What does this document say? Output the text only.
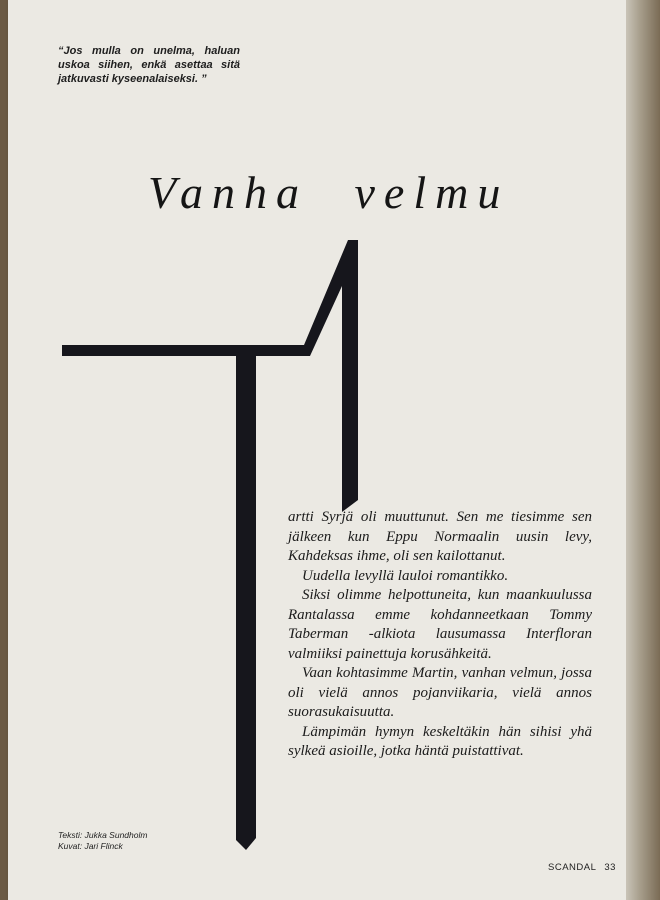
“Jos mulla on unelma, haluan uskoa siihen, enkä asettaa sitä jatkuvasti kyseenalaiseksi. ”
Vanha velmu

artti Syrjä oli muuttunut. Sen me tiesimme sen jälkeen kun Eppu Normaalin uusin levy, Kahdeksas ihme, oli sen kailottanut.

Uudella levyllä lauloi romantikko.

Siksi olimme helpottuneita, kun maankuulussa Rantalassa emme kohdanneetkaan Tommy Taberman -alkiota lausumassa Interfloran valmiiksi painettuja korusähkeitä.

Vaan kohtasimme Martin, vanhan velmun, jossa oli vielä annos pojanviikaria, vielä annos suorasukaisuutta.

Lämpimän hymyn keskeltäkin hän sihisi yhä sylkeä asioille, jotka häntä puistattivat.

Teksti: Jukka Sundholm
Kuvat: Jari Flinck
SCANDAL 33
